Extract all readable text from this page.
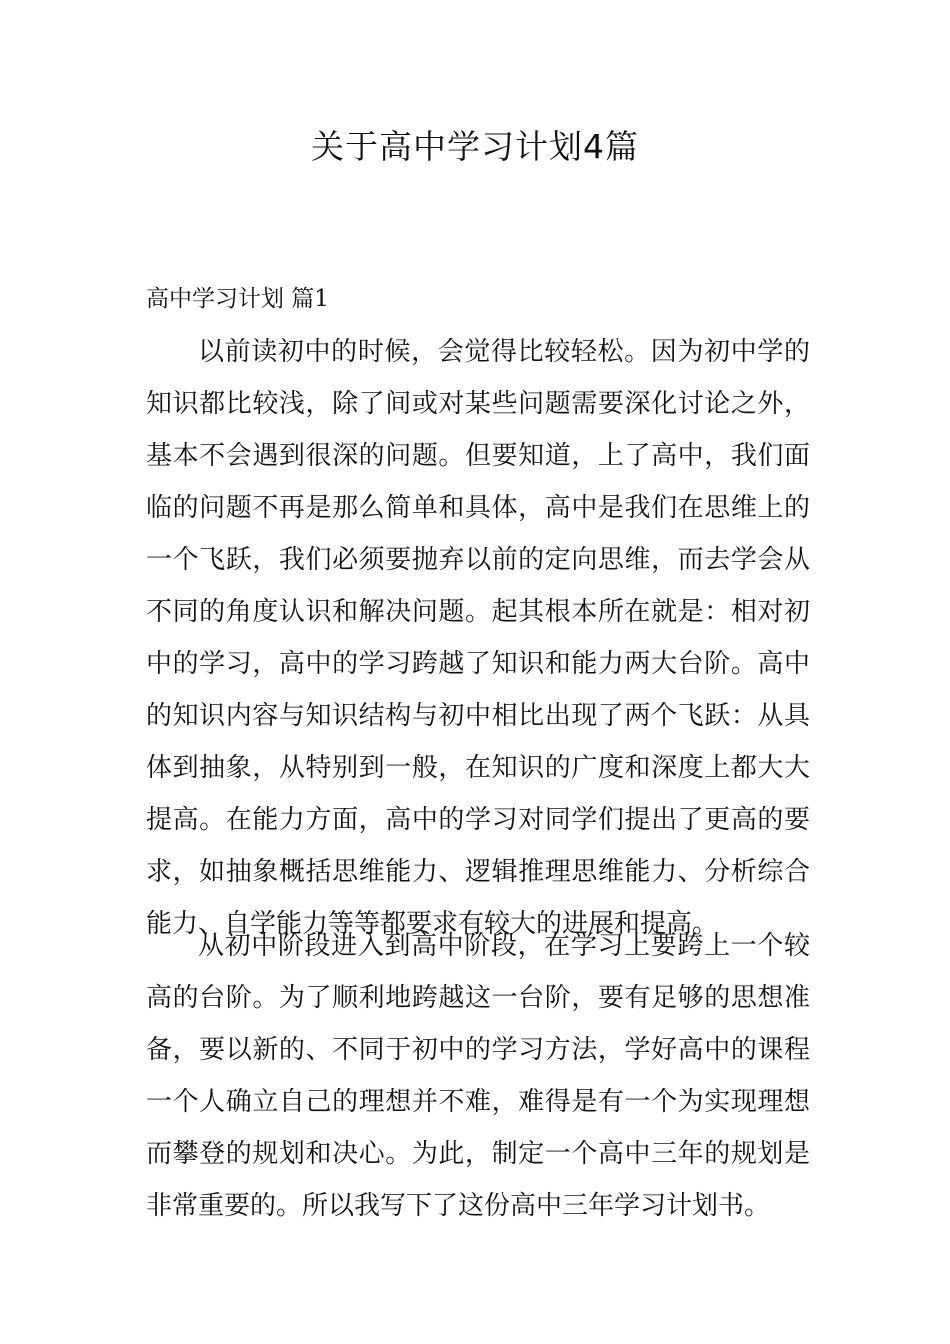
关于高中学习计划4篇

高中学习计划 篇1

以前读初中的时候，会觉得比较轻松。因为初中学的知识都比较浅，除了间或对某些问题需要深化讨论之外，基本不会遇到很深的问题。但要知道，上了高中，我们面临的问题不再是那么简单和具体，高中是我们在思维上的一个飞跃，我们必须要抛弃以前的定向思维，而去学会从不同的角度认识和解决问题。起其根本所在就是：相对初中的学习，高中的学习跨越了知识和能力两大台阶。高中的知识内容与知识结构与初中相比出现了两个飞跃：从具体到抽象，从特别到一般，在知识的广度和深度上都大大提高。在能力方面，高中的学习对同学们提出了更高的要求，如抽象概括思维能力、逻辑推理思维能力、分析综合能力、自学能力等等都要求有较大的进展和提高。

从初中阶段进入到高中阶段，在学习上要跨上一个较高的台阶。为了顺利地跨越这一台阶，要有足够的思想准备，要以新的、不同于初中的学习方法，学好高中的课程一个人确立自己的理想并不难，难得是有一个为实现理想而攀登的规划和决心。为此，制定一个高中三年的规划是非常重要的。所以我写下了这份高中三年学习计划书。
